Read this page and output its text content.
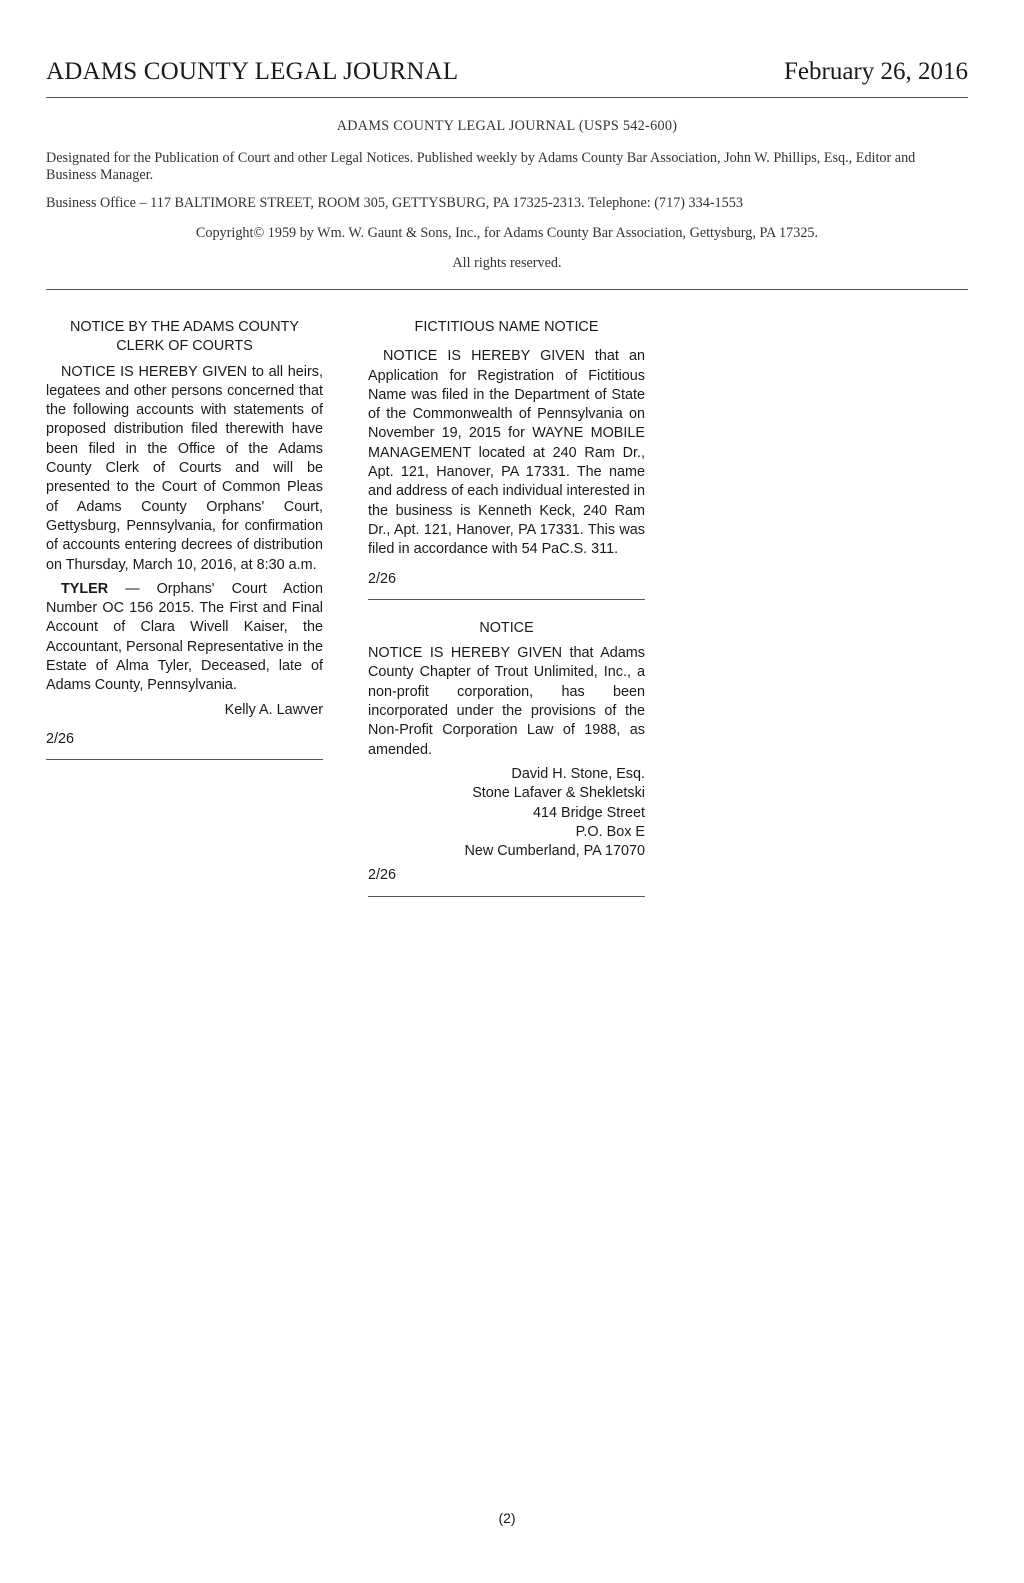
ADAMS COUNTY LEGAL JOURNAL	February 26, 2016

ADAMS COUNTY LEGAL JOURNAL (USPS 542-600)

Designated for the Publication of Court and other Legal Notices. Published weekly by Adams County Bar Association, John W. Phillips, Esq., Editor and Business Manager.

Business Office – 117 BALTIMORE STREET, ROOM 305, GETTYSBURG, PA 17325-2313. Telephone: (717) 334-1553

Copyright© 1959 by Wm. W. Gaunt & Sons, Inc., for Adams County Bar Association, Gettysburg, PA 17325.

All rights reserved.

NOTICE BY THE ADAMS COUNTY CLERK OF COURTS

NOTICE IS HEREBY GIVEN to all heirs, legatees and other persons concerned that the following accounts with statements of proposed distribution filed therewith have been filed in the Office of the Adams County Clerk of Courts and will be presented to the Court of Common Pleas of Adams County Orphans' Court, Gettysburg, Pennsylvania, for confirmation of accounts entering decrees of distribution on Thursday, March 10, 2016, at 8:30 a.m.

TYLER — Orphans' Court Action Number OC 156 2015. The First and Final Account of Clara Wivell Kaiser, the Accountant, Personal Representative in the Estate of Alma Tyler, Deceased, late of Adams County, Pennsylvania.

Kelly A. Lawver

2/26

FICTITIOUS NAME NOTICE

NOTICE IS HEREBY GIVEN that an Application for Registration of Fictitious Name was filed in the Department of State of the Commonwealth of Pennsylvania on November 19, 2015 for WAYNE MOBILE MANAGEMENT located at 240 Ram Dr., Apt. 121, Hanover, PA 17331. The name and address of each individual interested in the business is Kenneth Keck, 240 Ram Dr., Apt. 121, Hanover, PA 17331. This was filed in accordance with 54 PaC.S. 311.

2/26

NOTICE

NOTICE IS HEREBY GIVEN that Adams County Chapter of Trout Unlimited, Inc., a non-profit corporation, has been incorporated under the provisions of the Non-Profit Corporation Law of 1988, as amended.

David H. Stone, Esq.

Stone Lafaver & Shekletski

414 Bridge Street

P.O. Box E

New Cumberland, PA 17070

2/26

(2)
